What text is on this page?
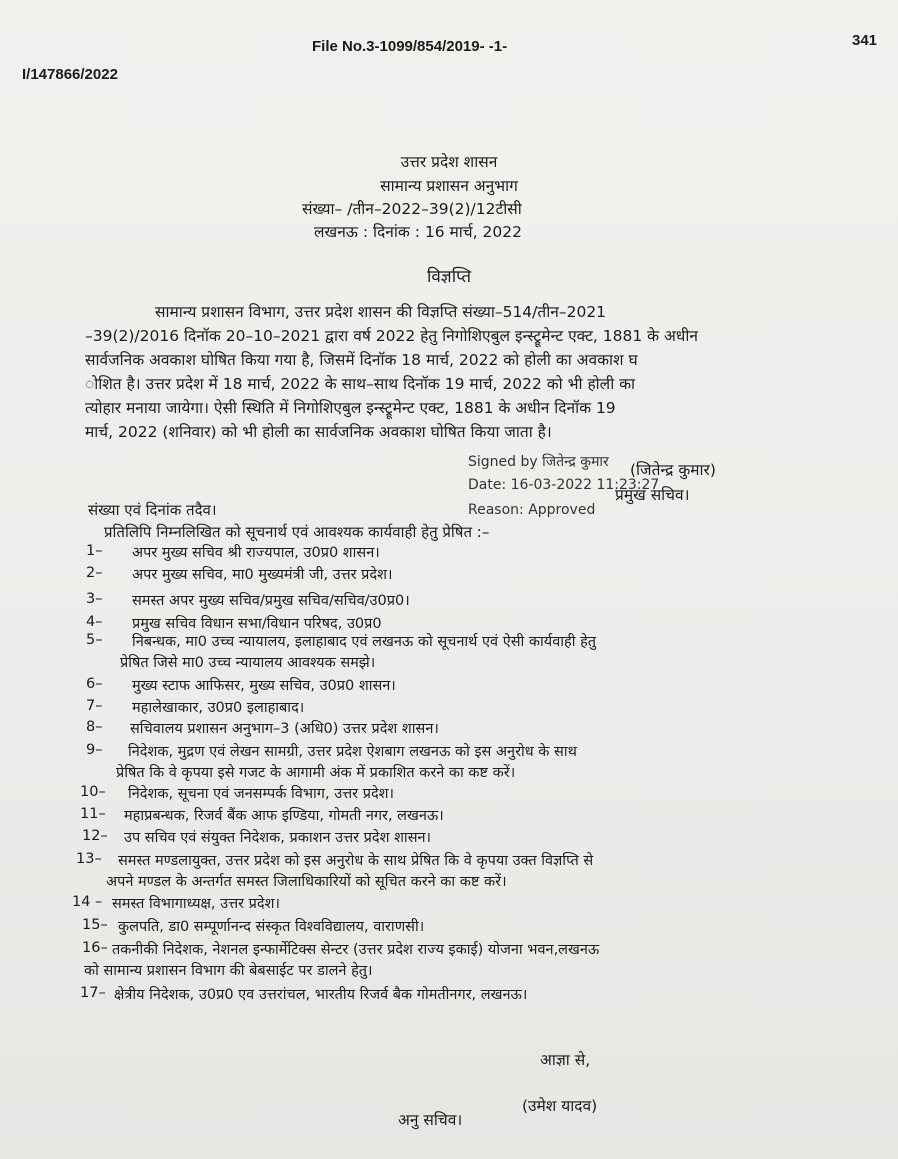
File No.3-1099/854/2019- -1-	341
I/147866/2022
उत्तर प्रदेश शासन
सामान्य प्रशासन अनुभाग
संख्या– /तीन–2022–39(2)/12टीसी
लखनऊ : दिनांक : 16 मार्च, 2022
विज्ञप्ति

सामान्य प्रशासन विभाग, उत्तर प्रदेश शासन की विज्ञप्ति संख्या–514/तीन–2021

–39(2)/2016 दिनॉक 20–10–2021 द्वारा वर्ष 2022 हेतु निगोशिएबुल इन्स्ट्रूमेन्ट एक्ट, 1881 के अधीन

सार्वजनिक अवकाश घोषित किया गया है, जिसमें दिनॉक 18 मार्च, 2022 को होली का अवकाश घ

ोशित है। उत्तर प्रदेश में 18 मार्च, 2022 के साथ–साथ दिनॉक 19 मार्च, 2022 को भी होली का

त्योहार मनाया जायेगा। ऐसी स्थिति में निगोशिएबुल इन्स्ट्रूमेन्ट एक्ट, 1881 के अधीन दिनॉक 19

मार्च, 2022 (शनिवार) को भी होली का सार्वजनिक अवकाश घोषित किया जाता है।

Signed by जितेन्द्र कुमार
Date: 16-03-2022 11:23:27
Reason: Approved
(जितेन्द्र कुमार)
प्रमुख सचिव।
संख्या एवं दिनांक तदैव।
प्रतिलिपि निम्नलिखित को सूचनार्थ एवं आवश्यक कार्यवाही हेतु प्रेषित :–
1– अपर मुख्य सचिव श्री राज्यपाल, उ0प्र0 शासन।
2– अपर मुख्य सचिव, मा0 मुख्यमंत्री जी, उत्तर प्रदेश।
3– समस्त अपर मुख्य सचिव/प्रमुख सचिव/सचिव/उ0प्र0।
4– प्रमुख सचिव विधान सभा/विधान परिषद, उ0प्र0
5– निबन्धक, मा0 उच्च न्यायालय, इलाहाबाद एवं लखनऊ को सूचनार्थ एवं ऐसी कार्यवाही हेतु
प्रेषित जिसे मा0 उच्च न्यायालय आवश्यक समझे।
6– मुख्य स्टाफ आफिसर, मुख्य सचिव, उ0प्र0 शासन।
7– महालेखाकार, उ0प्र0 इलाहाबाद।
8– सचिवालय प्रशासन अनुभाग–3 (अधि0) उत्तर प्रदेश शासन।
9– निदेशक, मुद्रण एवं लेखन सामग्री, उत्तर प्रदेश ऐशबाग लखनऊ को इस अनुरोध के साथ
प्रेषित कि वे कृपया इसे गजट के आगामी अंक में प्रकाशित करने का कष्ट करें।
10– निदेशक, सूचना एवं जनसम्पर्क विभाग, उत्तर प्रदेश।
11– महाप्रबन्धक, रिजर्व बैंक आफ इण्डिया, गोमती नगर, लखनऊ।
12– उप सचिव एवं संयुक्त निदेशक, प्रकाशन उत्तर प्रदेश शासन।
13– समस्त मण्डलायुक्त, उत्तर प्रदेश को इस अनुरोध के साथ प्रेषित कि वे कृपया उक्त विज्ञप्ति से
अपने मण्डल के अन्तर्गत समस्त जिलाधिकारियों को सूचित करने का कष्ट करें।
14 – समस्त विभागाध्यक्ष, उत्तर प्रदेश।
15– कुलपति, डा0 सम्पूर्णानन्द संस्कृत विश्वविद्यालय, वाराणसी।
16– तकनीकी निदेशक, नेशनल इन्फार्मेटिक्स सेन्टर (उत्तर प्रदेश राज्य इकाई) योजना भवन,लखनऊ
को सामान्य प्रशासन विभाग की बेबसाईट पर डालने हेतु।
17– क्षेत्रीय निदेशक, उ0प्र0 एव उत्तरांचल, भारतीय रिजर्व बैक गोमतीनगर, लखनऊ।
आज्ञा से,
(उमेश यादव)
अनु सचिव।
